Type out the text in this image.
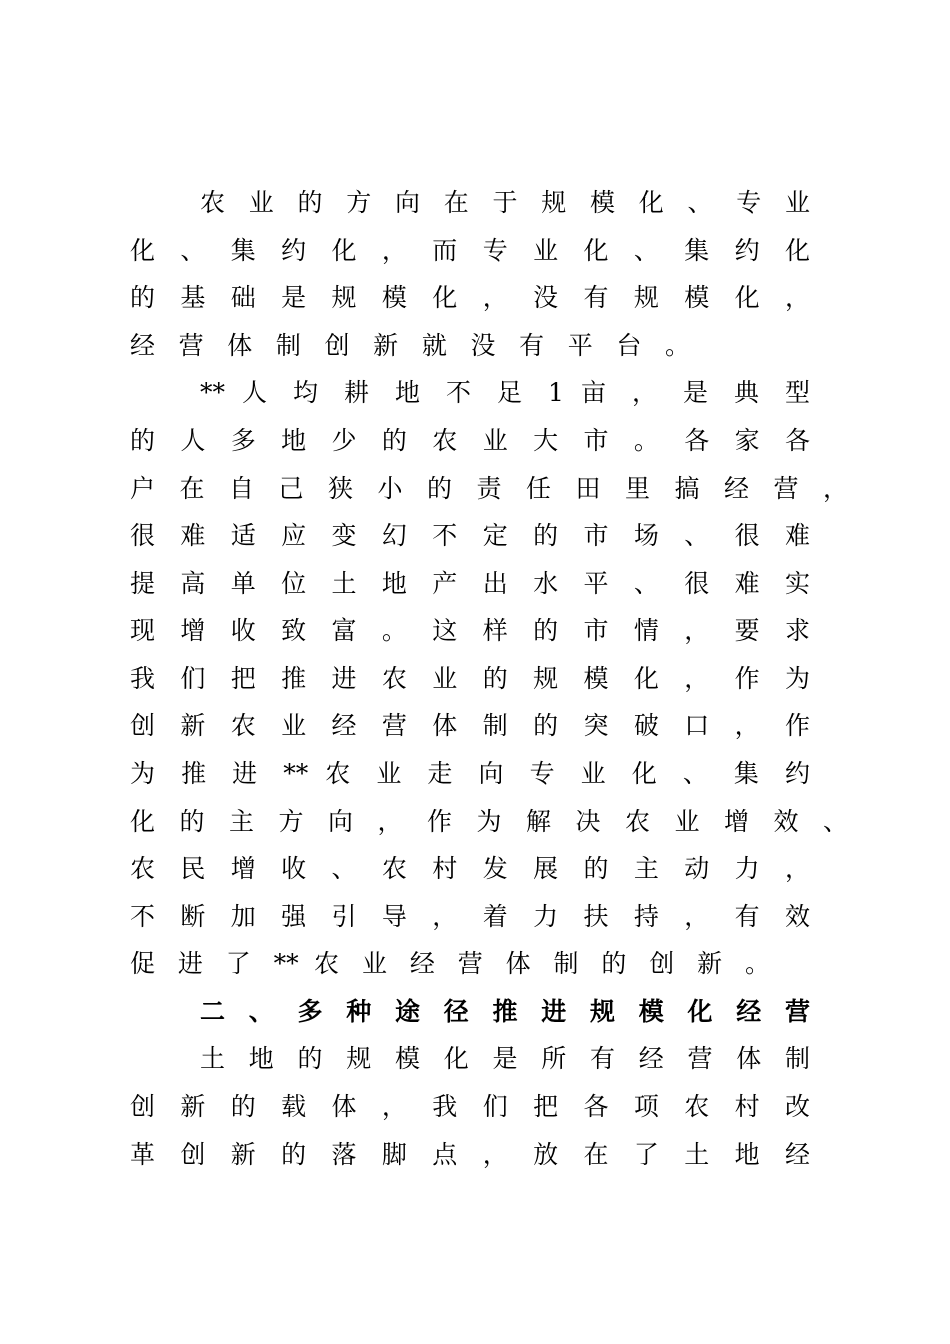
农 业 的 方 向 在 于 规 模 化 、 专 业
化 、 集 约 化 ， 而 专 业 化 、 集 约 化
的 基 础 是 规 模 化 ， 没 有 规 模 化 ，
经 营 体 制 创 新 就 没 有 平 台 。
** 人 均 耕 地 不 足 1 亩 ， 是 典 型
的 人 多 地 少 的 农 业 大 市 。 各 家 各
户 在 自 己 狭 小 的 责 任 田 里 搞 经 营 ，
很 难 适 应 变 幻 不 定 的 市 场 、 很 难
提 高 单 位 土 地 产 出 水 平 、 很 难 实
现 增 收 致 富 。 这 样 的 市 情 ， 要 求
我 们 把 推 进 农 业 的 规 模 化 ， 作 为
创 新 农 业 经 营 体 制 的 突 破 口 ， 作
为 推 进 ** 农 业 走 向 专 业 化 、 集 约
化 的 主 方 向 ， 作 为 解 决 农 业 增 效 、
农 民 增 收 、 农 村 发 展 的 主 动 力 ，
不 断 加 强 引 导 ， 着 力 扶 持 ， 有 效
促 进 了 ** 农 业 经 营 体 制 的 创 新 。
二 、 多 种 途 径 推 进 规 模 化 经 营
土 地 的 规 模 化 是 所 有 经 营 体 制
创 新 的 载 体 ， 我 们 把 各 项 农 村 改
革 创 新 的 落 脚 点 ， 放 在 了 土 地 经
